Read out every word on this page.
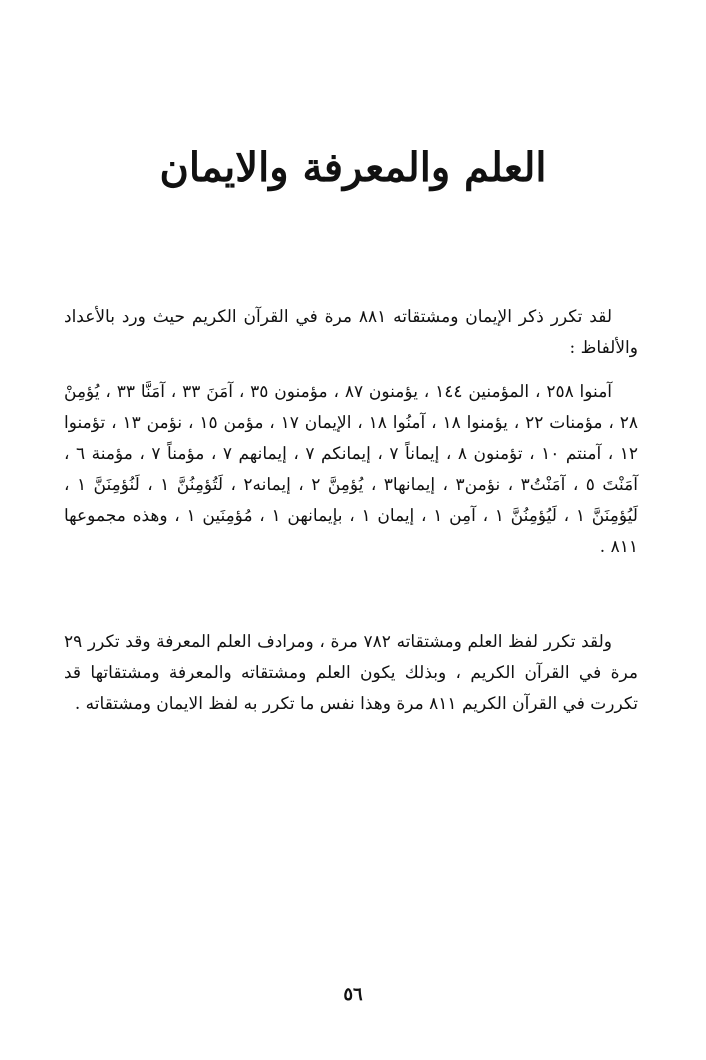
العلم والمعرفة والايمان

لقد تكرر ذكر الإيمان ومشتقاته ٨٨١ مرة في القرآن الكريم حيث ورد بالأعداد والألفاظ :

آمنوا ٢٥٨ ، المؤمنين ١٤٤ ، يؤمنون ٨٧ ، مؤمنون ٣٥ ، آمَنَ ٣٣ ، آمَنَّا ٣٣ ، يُؤمِنْ ٢٨ ، مؤمنات ٢٢ ، يؤمنوا ١٨ ، آمنُوا ١٨ ، الإيمان ١٧ ، مؤمن ١٥ ، نؤمن ١٣ ، تؤمنوا ١٢ ، آمنتم ١٠ ، تؤمنون ٨ ، إيماناً ٧ ، إيمانكم ٧ ، إيمانهم ٧ ، مؤمناً ٧ ، مؤمنة ٦ ، آمَنْتَ ٥ ، آمَنْتُ٣ ، نؤمن٣ ، إيمانها٣ ، يُؤمِنَّ ٢ ، إيمانه٢ ، لَتُؤمِنُنَّ ١ ، لَنُؤمِنَنَّ ١ ، لَيُؤمِنَنَّ ١ ، لَيُؤمِنُنَّ ١ ، آمِن ١ ، إيمان ١ ، بإيمانهن ١ ، مُؤمِنَين ١ ، وهذه مجموعها ٨١١ .

ولقد تكرر لفظ العلم ومشتقاته ٧٨٢ مرة ، ومرادف العلم المعرفة وقد تكرر ٢٩ مرة في القرآن الكريم ، وبذلك يكون العلم ومشتقاته والمعرفة ومشتقاتها قد تكررت في القرآن الكريم ٨١١ مرة وهذا نفس ما تكرر به لفظ الايمان ومشتقاته .

٥٦
